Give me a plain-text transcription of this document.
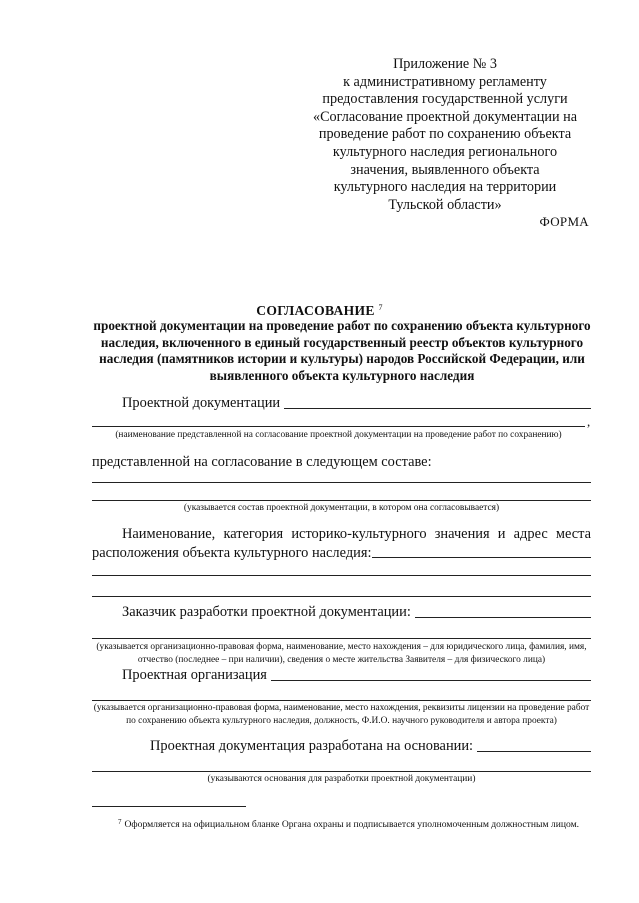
Приложение № 3
к административному регламенту
предоставления государственной услуги
«Согласование проектной документации на
проведение работ по сохранению объекта
культурного наследия регионального
значения, выявленного объекта
культурного наследия на территории
Тульской области»
ФОРМА
СОГЛАСОВАНИЕ $^7$
проектной документации на проведение работ по сохранению объекта культурного наследия, включенного в единый государственный реестр объектов культурного наследия (памятников истории и культуры) народов Российской Федерации, или выявленного объекта культурного наследия
Проектной документации
,
(наименование представленной на согласование проектной документации на проведение работ по сохранению)
представленной на согласование в следующем составе:
(указывается состав проектной документации, в котором она согласовывается)
Наименование, категория историко-культурного значения и адрес места расположения объекта культурного наследия:
Заказчик разработки проектной документации:
(указывается организационно-правовая форма, наименование, место нахождения – для юридического лица, фамилия, имя, отчество (последнее – при наличии), сведения о месте жительства Заявителя – для физического лица)
Проектная организация
(указывается организационно-правовая форма, наименование, место нахождения, реквизиты лицензии на проведение работ по сохранению объекта культурного наследия, должность, Ф.И.О. научного руководителя и автора проекта)
Проектная документация разработана на основании:
(указываются основания для разработки проектной документации)
$^7$ Оформляется на официальном бланке Органа охраны и подписывается уполномоченным должностным лицом.
